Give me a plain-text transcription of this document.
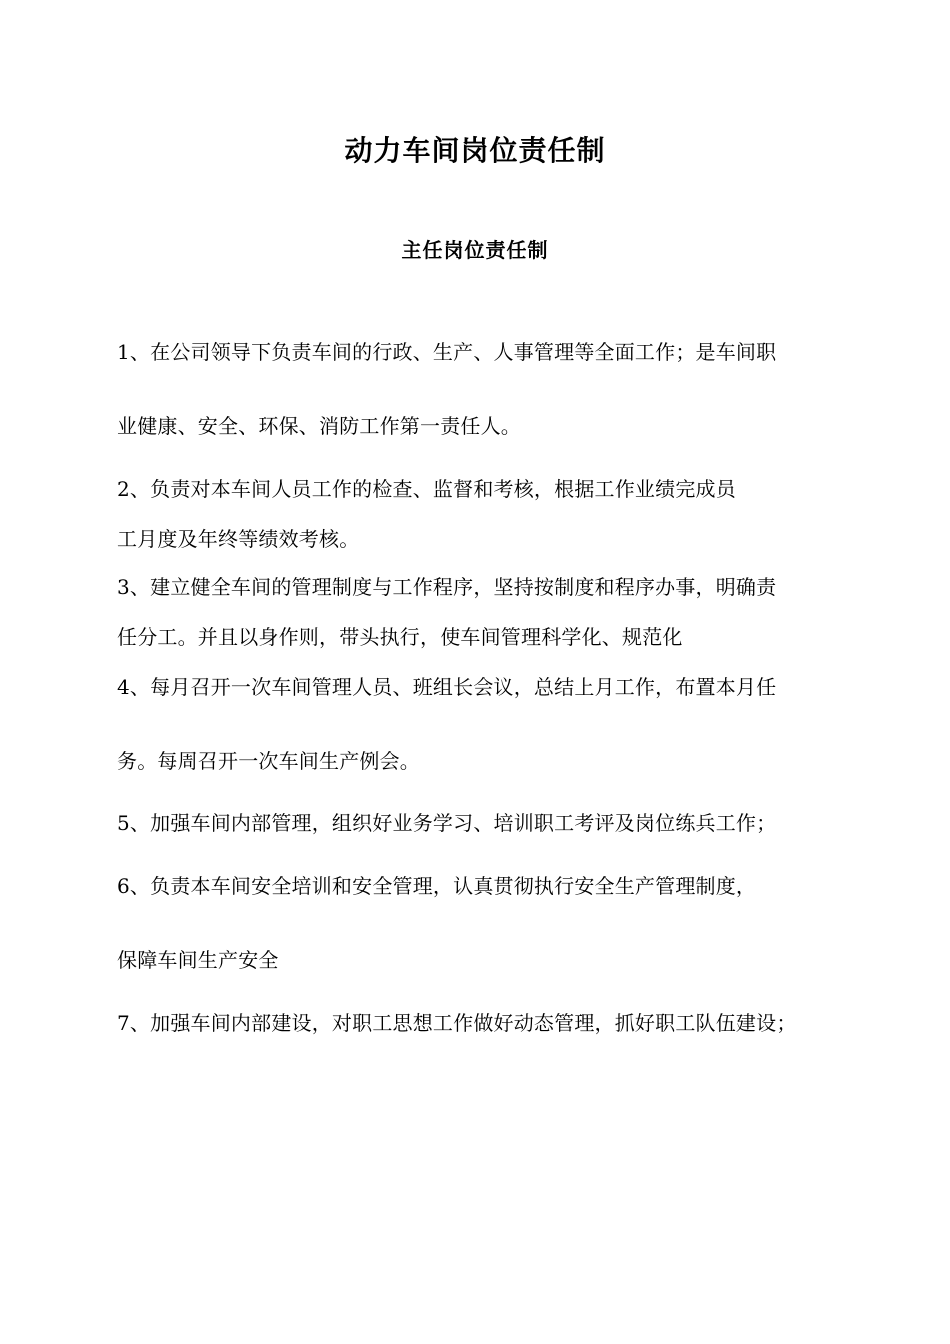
动力车间岗位责任制
主任岗位责任制
1、在公司领导下负责车间的行政、生产、人事管理等全面工作；是车间职
业健康、安全、环保、消防工作第一责任人。
2、负责对本车间人员工作的检查、监督和考核，根据工作业绩完成员
工月度及年终等绩效考核。
3、建立健全车间的管理制度与工作程序，坚持按制度和程序办事，明确责
任分工。并且以身作则，带头执行，使车间管理科学化、规范化
4、每月召开一次车间管理人员、班组长会议，总结上月工作，布置本月任
务。每周召开一次车间生产例会。
5、加强车间内部管理，组织好业务学习、培训职工考评及岗位练兵工作；
6、负责本车间安全培训和安全管理，认真贯彻执行安全生产管理制度，
保障车间生产安全
7、加强车间内部建设，对职工思想工作做好动态管理，抓好职工队伍建设；
